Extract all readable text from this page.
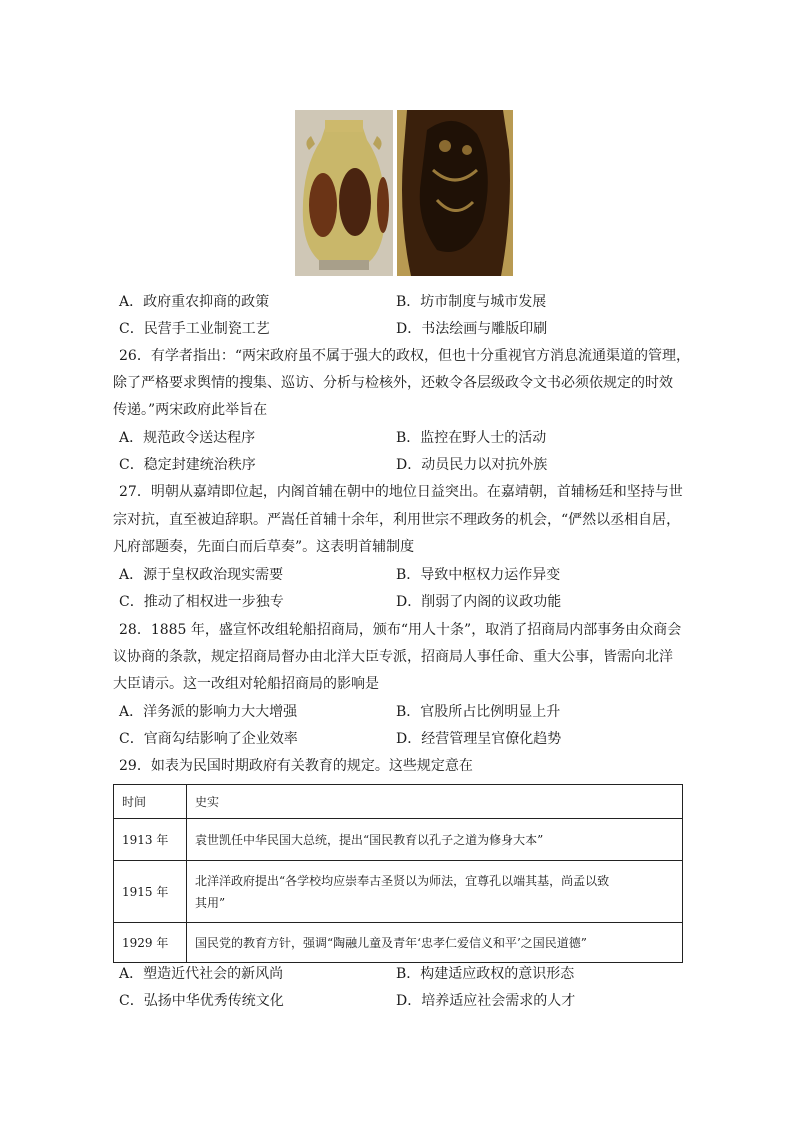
A．政府重农抑商的政策	B．坊市制度与城市发展
C．民营手工业制瓷工艺	D．书法绘画与雕版印刷
26．有学者指出：“两宋政府虽不属于强大的政权，但也十分重视官方消息流通渠道的管理，
除了严格要求舆情的搜集、巡访、分析与检核外，还敕令各层级政令文书必须依规定的时效
传递。”两宋政府此举旨在
A．规范政令送达程序	B．监控在野人士的活动
C．稳定封建统治秩序	D．动员民力以对抗外族
27．明朝从嘉靖即位起，内阁首辅在朝中的地位日益突出。在嘉靖朝，首辅杨廷和坚持与世
宗对抗，直至被迫辞职。严嵩任首辅十余年，利用世宗不理政务的机会，“俨然以丞相自居，
凡府部题奏，先面白而后草奏”。这表明首辅制度
A．源于皇权政治现实需要	B．导致中枢权力运作异变
C．推动了相权进一步独专	D．削弱了内阁的议政功能
28．1885 年，盛宣怀改组轮船招商局，颁布“用人十条”，取消了招商局内部事务由众商会
议协商的条款，规定招商局督办由北洋大臣专派，招商局人事任命、重大公事，皆需向北洋
大臣请示。这一改组对轮船招商局的影响是
A．洋务派的影响力大大增强	B．官股所占比例明显上升
C．官商勾结影响了企业效率	D．经营管理呈官僚化趋势
29．如表为民国时期政府有关教育的规定。这些规定意在
时间	史实
1913 年	袁世凯任中华民国大总统，提出“国民教育以孔子之道为修身大本”
1915 年	北洋洋政府提出“各学校均应崇奉古圣贤以为师法，宜尊孔以端其基，尚孟以致
其用”

1929 年	国民党的教育方针，强调“陶融儿童及青年‘忠孝仁爱信义和平’之国民道德”
A．塑造近代社会的新风尚	B．构建适应政权的意识形态
C．弘扬中华优秀传统文化	D．培养适应社会需求的人才
